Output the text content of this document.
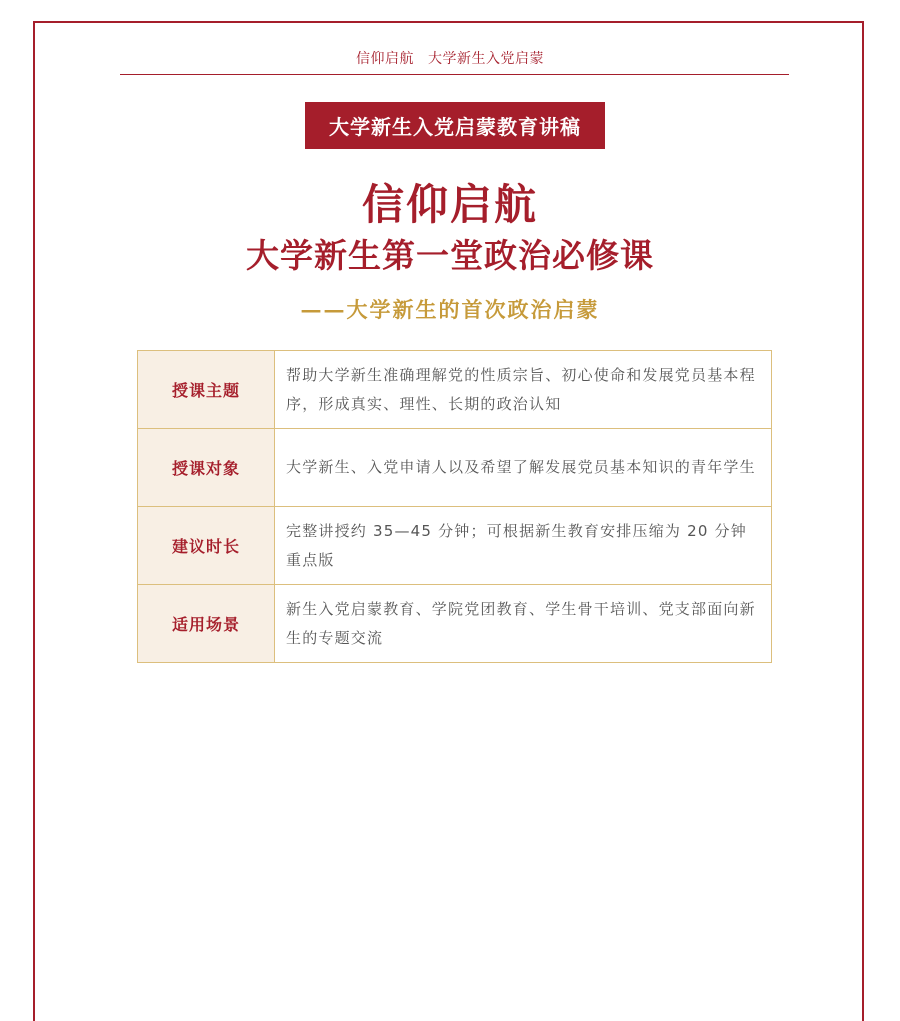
信仰启航 大学新生入党启蒙
大学新生入党启蒙教育讲稿
信仰启航
大学新生第一堂政治必修课
——大学新生的首次政治启蒙
授课主题	帮助大学新生准确理解党的性质宗旨、初心使命和发展党员基本程序，形成真实、理性、长期的政治认知
授课对象	大学新生、入党申请人以及希望了解发展党员基本知识的青年学生
建议时长	完整讲授约 35—45 分钟；可根据新生教育安排压缩为 20 分钟重点版
适用场景	新生入党启蒙教育、学院党团教育、学生骨干培训、党支部面向新生的专题交流
